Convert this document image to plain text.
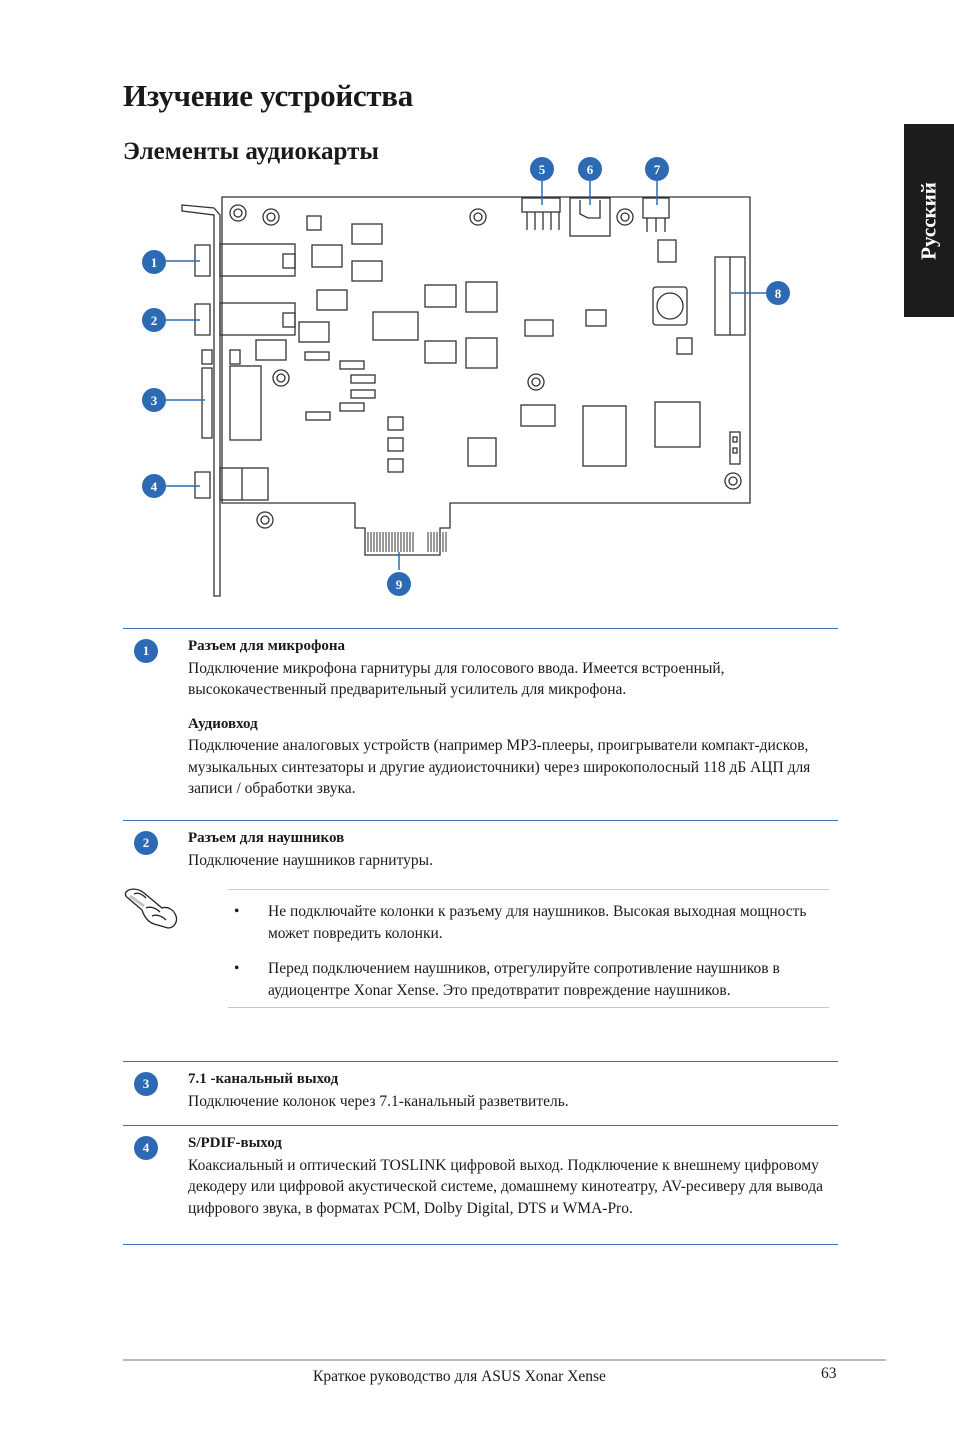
Изучение устройства
Элементы аудиокарты
Русский
1
2
3
4
5	6	7
8
9
1	Разъем для микрофона

Подключение микрофона гарнитуры для голосового ввода. Имеется встроенный, высококачественный предварительный усилитель для микрофона.

Аудиовход

Подключение аналоговых устройств (например MP3-плееры, проигрыватели компакт-дисков, музыкальных синтезаторы и другие аудиоисточники) через широкополосный 118 дБ АЦП для записи / обработки звука.

2	Разъем для наушников

Подключение наушников гарнитуры.

• Не подключайте колонки к разъему для наушников. Высокая выходная мощность может повредить колонки.
• Перед подключением наушников, отрегулируйте сопротивление наушников в аудиоцентре Xonar Xense. Это предотвратит повреждение наушников.
3	7.1 -канальный выход

Подключение колонок через 7.1-канальный разветвитель.

4	S/PDIF-выход

Коаксиальный и оптический TOSLINK цифровой выход. Подключение к внешнему цифровому декодеру или цифровой акустической системе, домашнему кинотеатру, AV-ресиверу для вывода цифрового звука, в форматах PCM, Dolby Digital, DTS и WMA-Pro.

Краткое руководство для ASUS Xonar Xense	63
